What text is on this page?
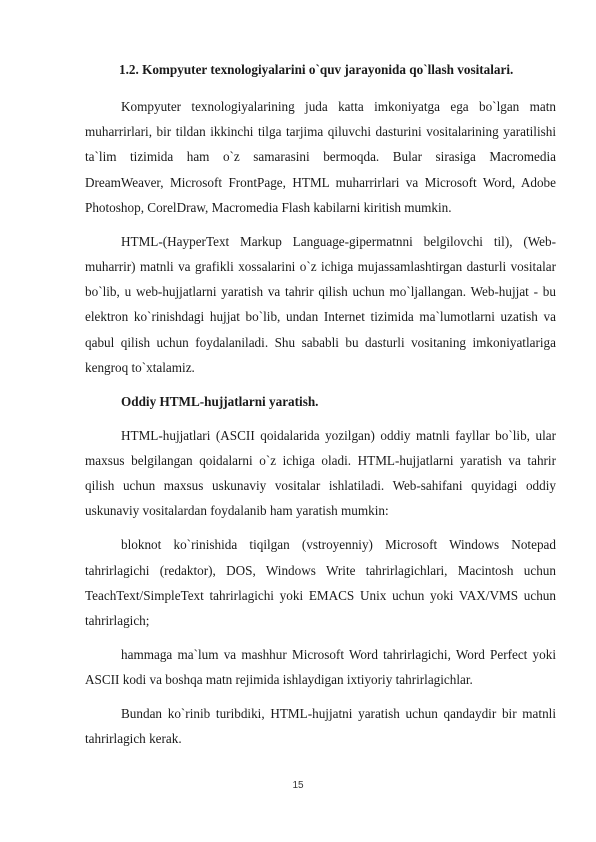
1.2. Kompyuter texnologiyalarini o`quv jarayonida qo`llash vositalari.

Kompyuter texnologiyalarining juda katta imkoniyatga ega bo`lgan matn muharrirlari, bir tildan ikkinchi tilga tarjima qiluvchi dasturini vositalarining yaratilishi ta`lim tizimida ham o`z samarasini bermoqda. Bular sirasiga Macromedia DreamWeaver, Microsoft FrontPage, HTML muharrirlari va Microsoft Word, Adobe Photoshop, CorelDraw, Macromedia Flash kabilarni kiritish mumkin.

HTML-(HayperText Markup Language-gipermatnni belgilovchi til), (Web-muharrir) matnli va grafikli xossalarini o`z ichiga mujassamlashtirgan dasturli vositalar bo`lib, u web-hujjatlarni yaratish va tahrir qilish uchun mo`ljallangan. Web-hujjat - bu elektron ko`rinishdagi hujjat bo`lib, undan Internet tizimida ma`lumotlarni uzatish va qabul qilish uchun foydalaniladi. Shu sababli bu dasturli vositaning imkoniyatlariga kengroq to`xtalamiz.

Oddiy HTML-hujjatlarni yaratish.

HTML-hujjatlari (ASCII qoidalarida yozilgan) oddiy matnli fayllar bo`lib, ular maxsus belgilangan qoidalarni o`z ichiga oladi. HTML-hujjatlarni yaratish va tahrir qilish uchun maxsus uskunaviy vositalar ishlatiladi. Web-sahifani quyidagi oddiy uskunaviy vositalardan foydalanib ham yaratish mumkin:

bloknot ko`rinishida tiqilgan (vstroyenniy) Microsoft Windows Notepad tahrirlagichi (redaktor), DOS, Windows Write tahrirlagichlari, Macintosh uchun TeachText/SimpleText tahrirlagichi yoki EMACS Unix uchun yoki VAX/VMS uchun tahrirlagich;

hammaga ma`lum va mashhur Microsoft Word tahrirlagichi, Word Perfect yoki ASCII kodi va boshqa matn rejimida ishlaydigan ixtiyoriy tahrirlagichlar.

Bundan ko`rinib turibdiki, HTML-hujjatni yaratish uchun qandaydir bir matnli tahrirlagich kerak.

15
